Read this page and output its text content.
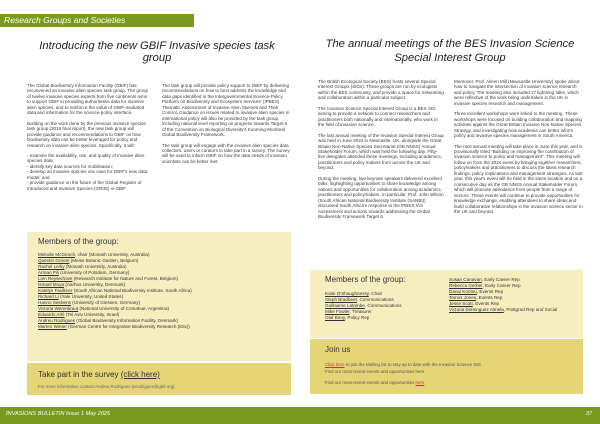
Research Groups and Societies
Introducing the new GBIF Invasive species task group
The annual meetings of the BES Invasion Science Special Interest Group

The Global Biodiversity Information Facility (GBIF) has reconvened an invasive alien species task group. The group of twelve invasive species experts from five continents aims to support GBIF in providing authoritative data for invasive alien species, and to reinforce the value of GBIF-mediated data and information for the science-policy interface.

Building on the work done by the previous invasive species task group (2016 final report), the new task group will provide guidance and recommendations to GBIF on how biodiversity data can be better leveraged for policy and research on invasive alien species. Specifically, it will:

- examine the availability, use, and quality of invasive alien species data;

- identify key data sources for mobilisation;

- develop an invasive species use case for GBIF's new data model; and

- provide guidance on the future of the Global Register of Introduced and Invasive Species (GRIIS) in GBIF.

The task group will provide policy support to GBIF by delivering recommendations on how to best address the knowledge and data gaps identified in the Intergovernmental Science-Policy Platform on Biodiversity and Ecosystem Services' (IPBES) Thematic Assessment of Invasive Alien Species and Their Control. Guidance on issues related to invasive alien species in international policy will also be provided by the task group, including national level reporting on progress towards Target 6 of the Convention on Biological Diversity's Kunming-Montreal Global Biodiversity Framework.

The task group will engage with the invasive alien species data collectors, users or curators to take part in a survey. The survey will be used to inform GBIF on how the data needs of invasion scientists can be better met.

The British Ecological Society (BES) hosts several Special Interest Groups (SIGs). These groups are run by ecologists within the BES community, and provide a space for networking and collaboration within a particular subject.

The Invasion Science Special Interest Group is a BES SIG aiming to provide a network to connect researchers and practitioners both nationally and internationally, who work in the field of invasion science.

The last annual meeting of the Invasion Special Interest Group was held in June 2024 in Newcastle, UK, alongside the Great Britain Non-Native Species Secretariat (GB NNSS) Annual Stakeholder Forum, which was held the following day. Fifty-five delegates attended these meetings, including academics, practitioners and policy makers from across the UK and beyond.

During the meeting, two keynote speakers delivered excellent talks, highlighting opportunities to share knowledge among nations and opportunities for collaboration among academics, practitioners and policymakers. In particular, Prof. John Wilson (South African National Biodiversity Institute (SANBI)) discussed South Africa's response to the IPBES IAS Assessment and actions towards addressing the Global Biodiversity Framework Target 6.

Moreover, Prof. Aileen Mill (Newcastle University) spoke about how to navigate the intersection of invasion science research and policy. The meeting also included 17 lightning talks, which were reflective of the work being undertaken in the UK in invasive species research and management.

Three excellent workshops were linked to the meeting. These workshops were focused on building collaboration and mapping activities against the Great Britain Invasive Non-Native Species Strategy, and investigating how academia can better inform policy and invasive species management in South America.

The next annual meeting will take place in June this year, and is provisionally titled "Building on improving the contribution of invasion science to policy and management". This meeting will follow on from the 2024 event by bringing together researchers, policymakers and practitioners to discuss the latest research findings, policy implications and management strategies. As last year, this year's event will be held in the same location and on a consecutive day as the GB NNSS Annual Stakeholder Forum, which will promote attendance from people from a range of sectors. These events will continue to provide opportunities for knowledge exchange, enabling attendees to share ideas and build collaborative relationships in the invasion science sector in the UK and beyond.

Members of the group:
Melodie McGeoch, chair (Monash University, Australia)
Quentin Groom (Meise Botanic Garden, Belgium)
Rachel Leihy (Monash University, Australia)
Arman Pili (University of Potsdam, Germany)
Lien Reyserhove (Research Institute for Nature and Forest, Belgium)
Ismael Moya (Aarhus University, Denmark)
Katelyn Faulkner (South African National Biodiversity Institute, South Africa)
Richard Li (Yale University, United States)
Hanno Seebens (University of Giessen, Germany)
Victoria Werenkraut (National University of Comahue, Argentina)
Eduardo Arlé (Tel Aviv University, Israel)
Andreu Rodrigues (Global Biodiversity Information Facility, Denmark)
Marten Winter (German Centre for Integrative Biodiversity Research (iDiv))
Take part in the survey (click here)
For more information contact Andreu Rodrigues (arodrigues@gbif.org)
Members of the group:
Katie O'Shaughnessy, Chair
Steph Bradbeer, Communications
Guillaume Latombe, Communications
Mike Fowler, Treasurer
Olaf Booy, Policy Rep
Susan Canavan, Early Career Rep
Rebecca Gerber, Early Career Rep
Danai Kontou, Events Rep
Tomos Jones, Events Rep
Jesse Scott, Events Rep
Victoria Dominguez Almela, Postgrad Rep and Social
Join us
Click here to join the Mailing list to stay up to date with the Invasion Science SIG
Find our most recent events and opportunities here
Find our most recent events and opportunities here
INVASIONS BULLETIN Issue 1 May 2025	37
